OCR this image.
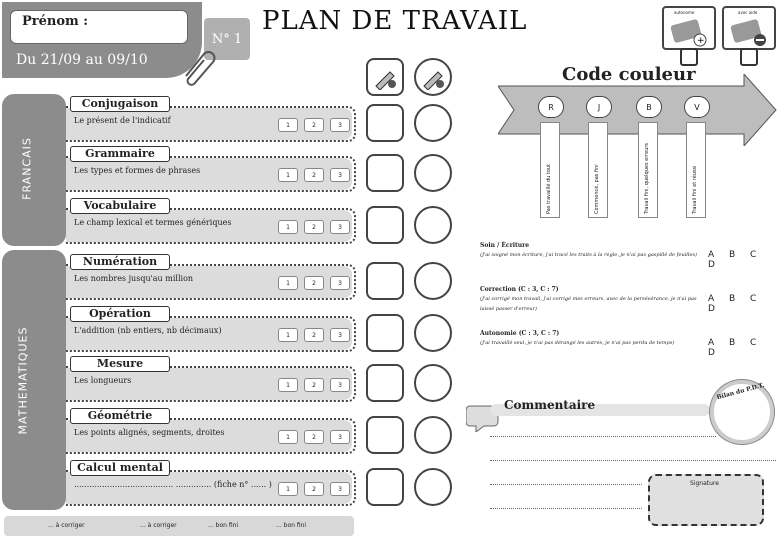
Prénom :
Du 21/09 au 09/10
N° 1
PLAN DE TRAVAIL	autonome
+
avec aide
FRANCAIS
MATHEMATIQUES
Conjugaison
Le présent de l'indicatif	1	2	3
Grammaire
Les types et formes de phrases	1	2	3
Vocabulaire
Le champ lexical et termes génériques	1	2	3
Numération
Les nombres jusqu'au million	1	2	3
Opération
L'addition (nb entiers, nb décimaux)	1	2	3
Mesure
Les longueurs	1	2	3
Géométrie
Les points alignés, segments, droites	1	2	3
Calcul mental
....................................... .............. (fiche n° ...... )	1	2	3
Code couleur
R
Pas travaillé du tout
J
Commencé, pas fini
B
Travail fini, quelques erreurs
V
Travail fini et réussi
Soin / Écriture
(J'ai soigné mon écriture, j'ai tracé les traits à la règle, je n'ai pas gaspillé de feuilles)	A B C D
Correction (C : 3, C : 7)
(J'ai corrigé mon travail, j'ai corrigé mes erreurs, avec de la persévérance, je n'ai pas laissé passer d'erreur)
A B C D
Autonomie (C : 3, C : 7)
(J'ai travaillé seul, je n'ai pas dérangé les autres, je n'ai pas perdu de temps)	A B C D
Commentaire
Signature
Bilan du P.D.T.
... à corriger	... à corriger	... bon fini	... bon fini
